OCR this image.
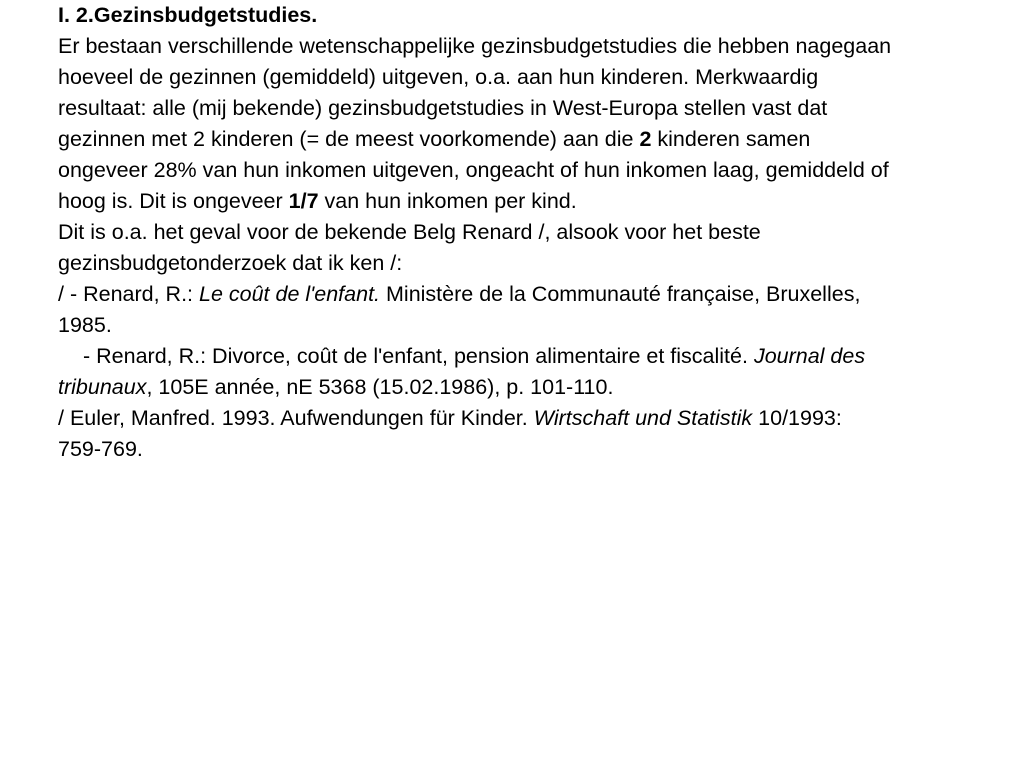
I. 2.Gezinsbudgetstudies.
Er bestaan verschillende wetenschappelijke gezinsbudgetstudies die hebben nagegaan
hoeveel de gezinnen (gemiddeld) uitgeven, o.a. aan hun kinderen. Merkwaardig
resultaat: alle (mij bekende) gezinsbudgetstudies in West-Europa stellen vast dat
gezinnen met 2 kinderen (= de meest voorkomende) aan die 2 kinderen samen
ongeveer 28% van hun inkomen uitgeven, ongeacht of hun inkomen laag, gemiddeld of
hoog is. Dit is ongeveer 1/7 van hun inkomen per kind.
Dit is o.a. het geval voor de bekende Belg Renard /, alsook voor het beste
gezinsbudgetonderzoek dat ik ken /:
/ - Renard, R.: Le coût de l'enfant. Ministère de la Communauté française, Bruxelles,
1985.
- Renard, R.: Divorce, coût de l'enfant, pension alimentaire et fiscalité. Journal des
tribunaux, 105E année, nE 5368 (15.02.1986), p. 101-110.
/ Euler, Manfred. 1993. Aufwendungen für Kinder. Wirtschaft und Statistik 10/1993:
759-769.
